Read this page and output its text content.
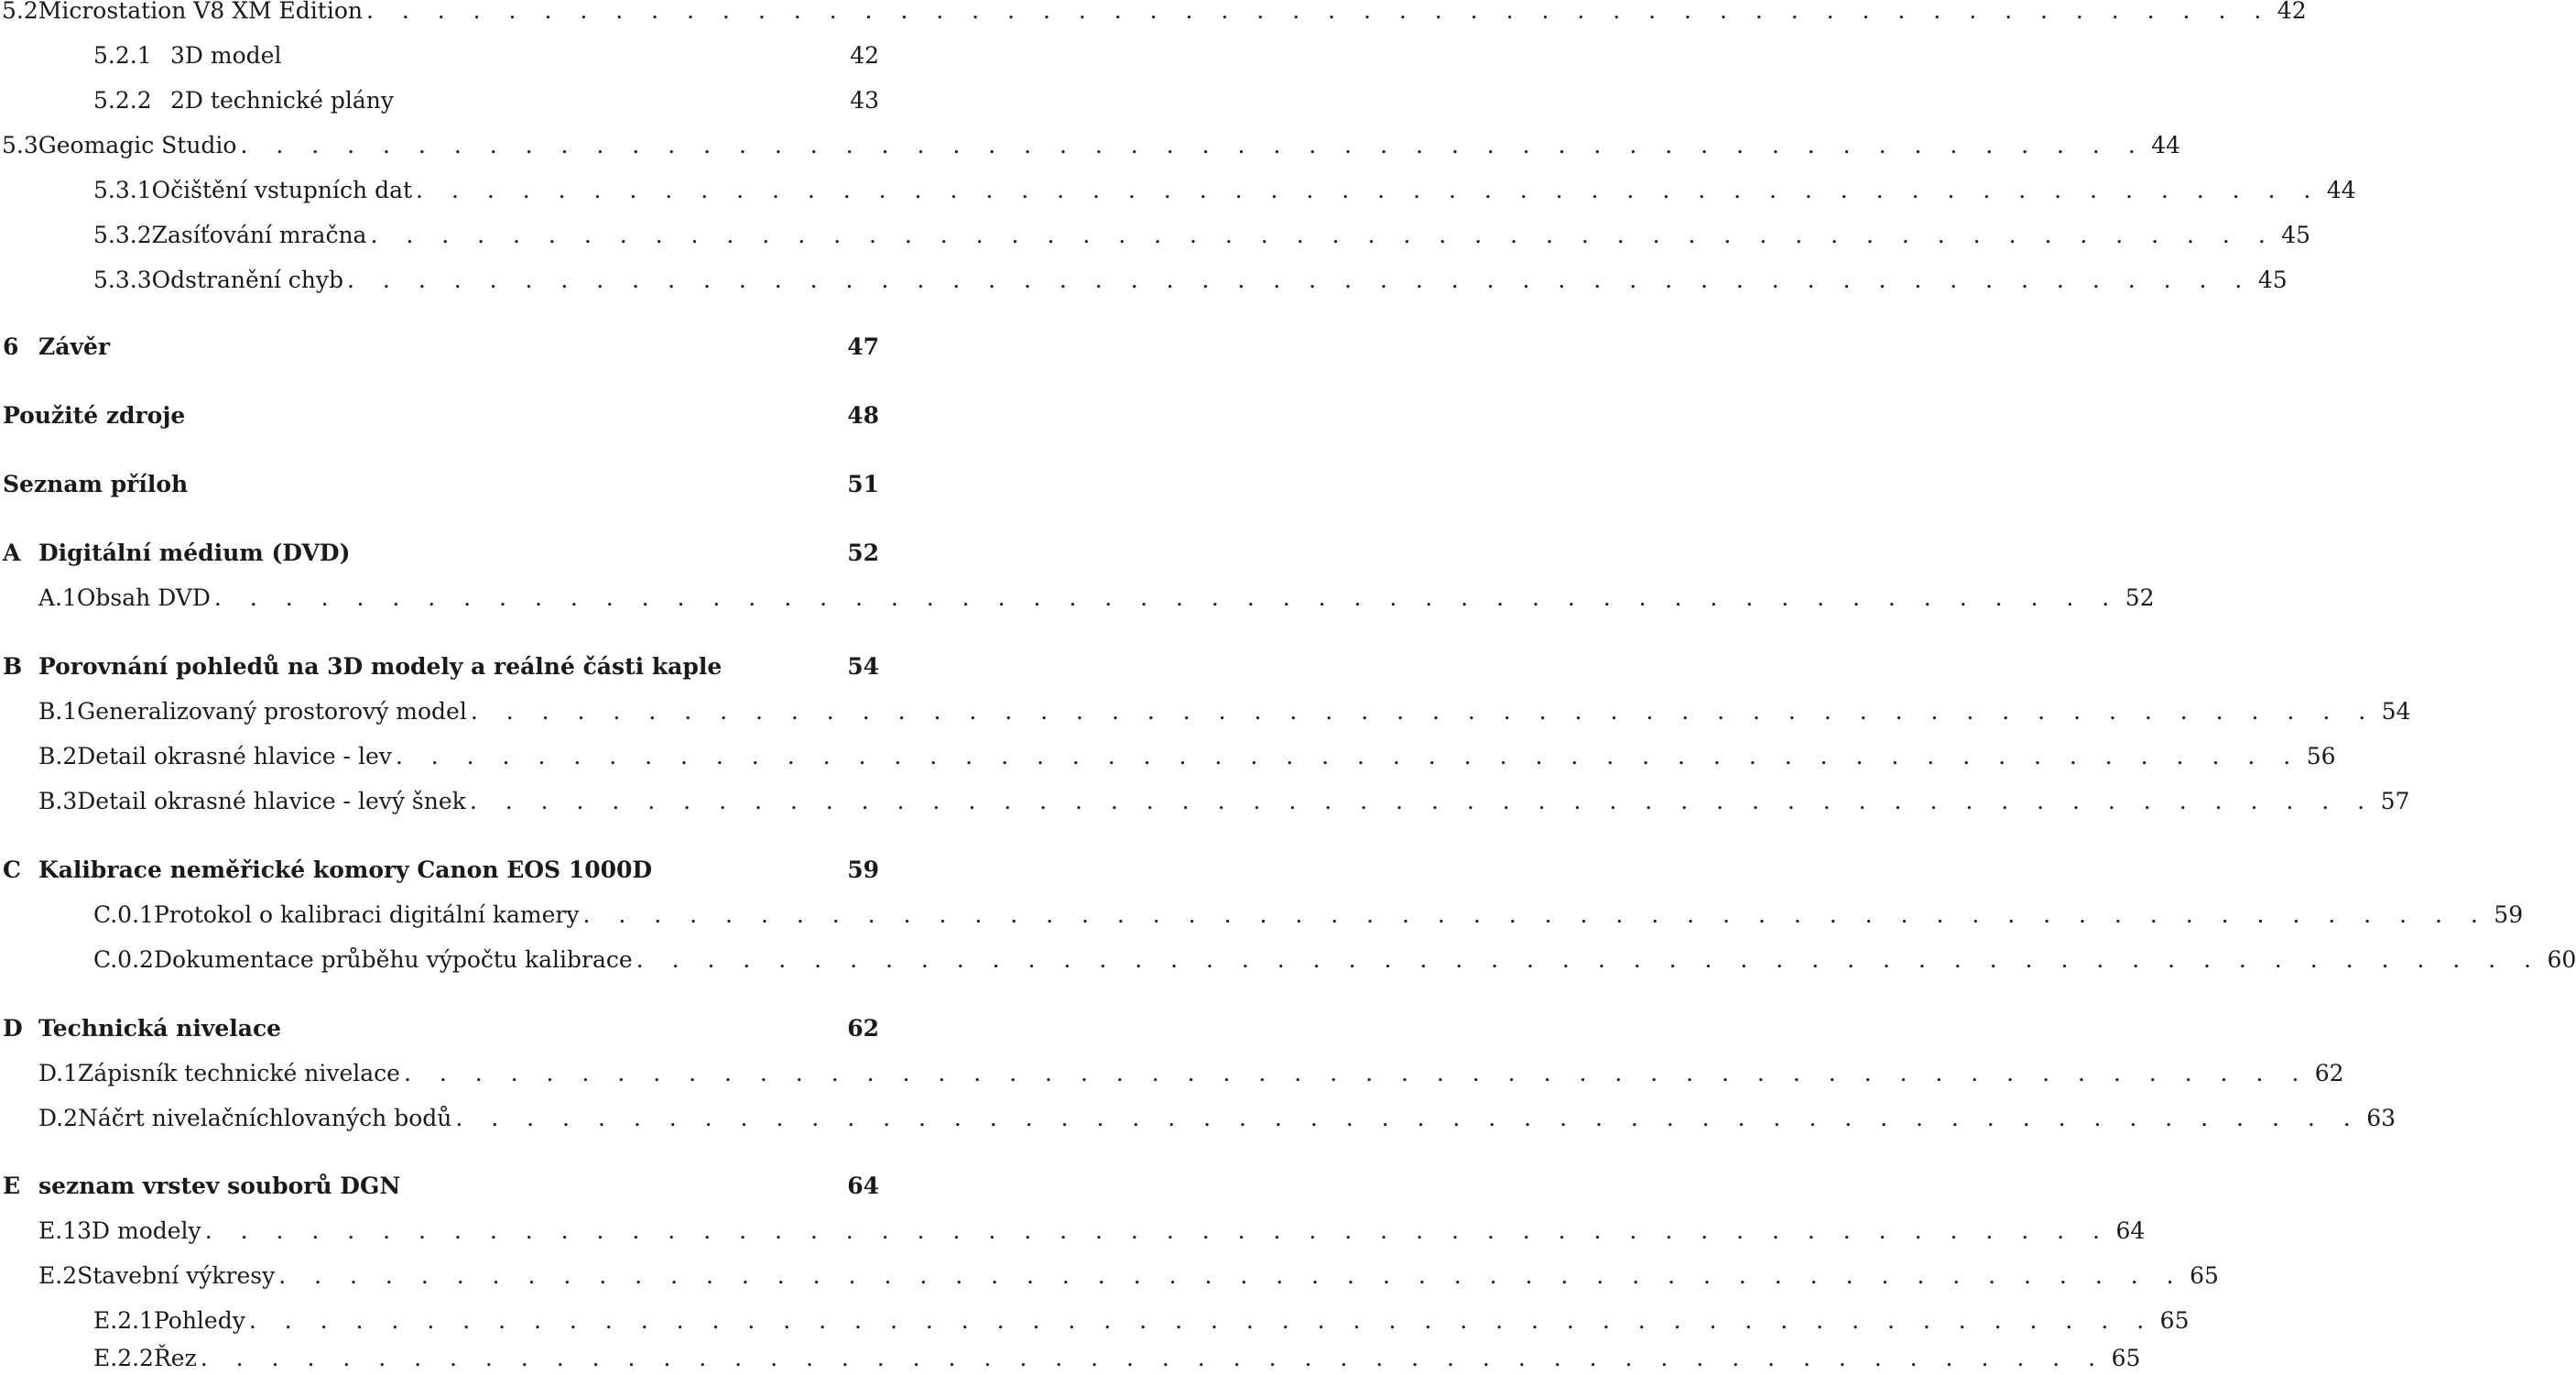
5.2 Microstation V8 XM Edition . . . . . . . . . . . . . . . . . . . . . . . . . . . . . . . . . . . . . . . . . . . . . . . . . . . . . . 42
5.2.1 3D model	42
5.2.2 2D technické plány	43
5.3 Geomagic Studio . . . . . . . . . . . . . . . . . . . . . . . . . . . . . . . . . . . . . . . . . . . . . . . . . . . . . . 44
5.3.1 Očištění vstupních dat . . . . . . . . . . . . . . . . . . . . . . . . . . . . . . . . . . . . . . . . . . . . . . . . . . . . . . 44
5.3.2 Zasíťování mračna . . . . . . . . . . . . . . . . . . . . . . . . . . . . . . . . . . . . . . . . . . . . . . . . . . . . . . 45
5.3.3 Odstranění chyb . . . . . . . . . . . . . . . . . . . . . . . . . . . . . . . . . . . . . . . . . . . . . . . . . . . . . . 45
6 Závěr	47
Použité zdroje	48
Seznam příloh	51
A Digitální médium (DVD)	52
A.1 Obsah DVD . . . . . . . . . . . . . . . . . . . . . . . . . . . . . . . . . . . . . . . . . . . . . . . . . . . . . . 52
B Porovnání pohledů na 3D modely a reálné části kaple	54
B.1 Generalizovaný prostorový model . . . . . . . . . . . . . . . . . . . . . . . . . . . . . . . . . . . . . . . . . . . . . . . . . . . . . . 54
B.2 Detail okrasné hlavice - lev . . . . . . . . . . . . . . . . . . . . . . . . . . . . . . . . . . . . . . . . . . . . . . . . . . . . . . 56
B.3 Detail okrasné hlavice - levý šnek . . . . . . . . . . . . . . . . . . . . . . . . . . . . . . . . . . . . . . . . . . . . . . . . . . . . . . 57
C Kalibrace neměřické komory Canon EOS 1000D	59
C.0.1 Protokol o kalibraci digitální kamery . . . . . . . . . . . . . . . . . . . . . . . . . . . . . . . . . . . . . . . . . . . . . . . . . . . . . . 59
C.0.2 Dokumentace průběhu výpočtu kalibrace . . . . . . . . . . . . . . . . . . . . . . . . . . . . . . . . . . . . . . . . . . . . . . . . . . . . . . 60
D Technická nivelace	62
D.1 Zápisník technické nivelace . . . . . . . . . . . . . . . . . . . . . . . . . . . . . . . . . . . . . . . . . . . . . . . . . . . . . . 62
D.2 Náčrt nivelačníchlovaných bodů . . . . . . . . . . . . . . . . . . . . . . . . . . . . . . . . . . . . . . . . . . . . . . . . . . . . . . 63
E seznam vrstev souborů DGN	64
E.1 3D modely . . . . . . . . . . . . . . . . . . . . . . . . . . . . . . . . . . . . . . . . . . . . . . . . . . . . . . 64
E.2 Stavební výkresy . . . . . . . . . . . . . . . . . . . . . . . . . . . . . . . . . . . . . . . . . . . . . . . . . . . . . . 65
E.2.1 Pohledy . . . . . . . . . . . . . . . . . . . . . . . . . . . . . . . . . . . . . . . . . . . . . . . . . . . . . . 65
E.2.2 Řez . . . . . . . . . . . . . . . . . . . . . . . . . . . . . . . . . . . . . . . . . . . . . . . . . . . . . . 65
